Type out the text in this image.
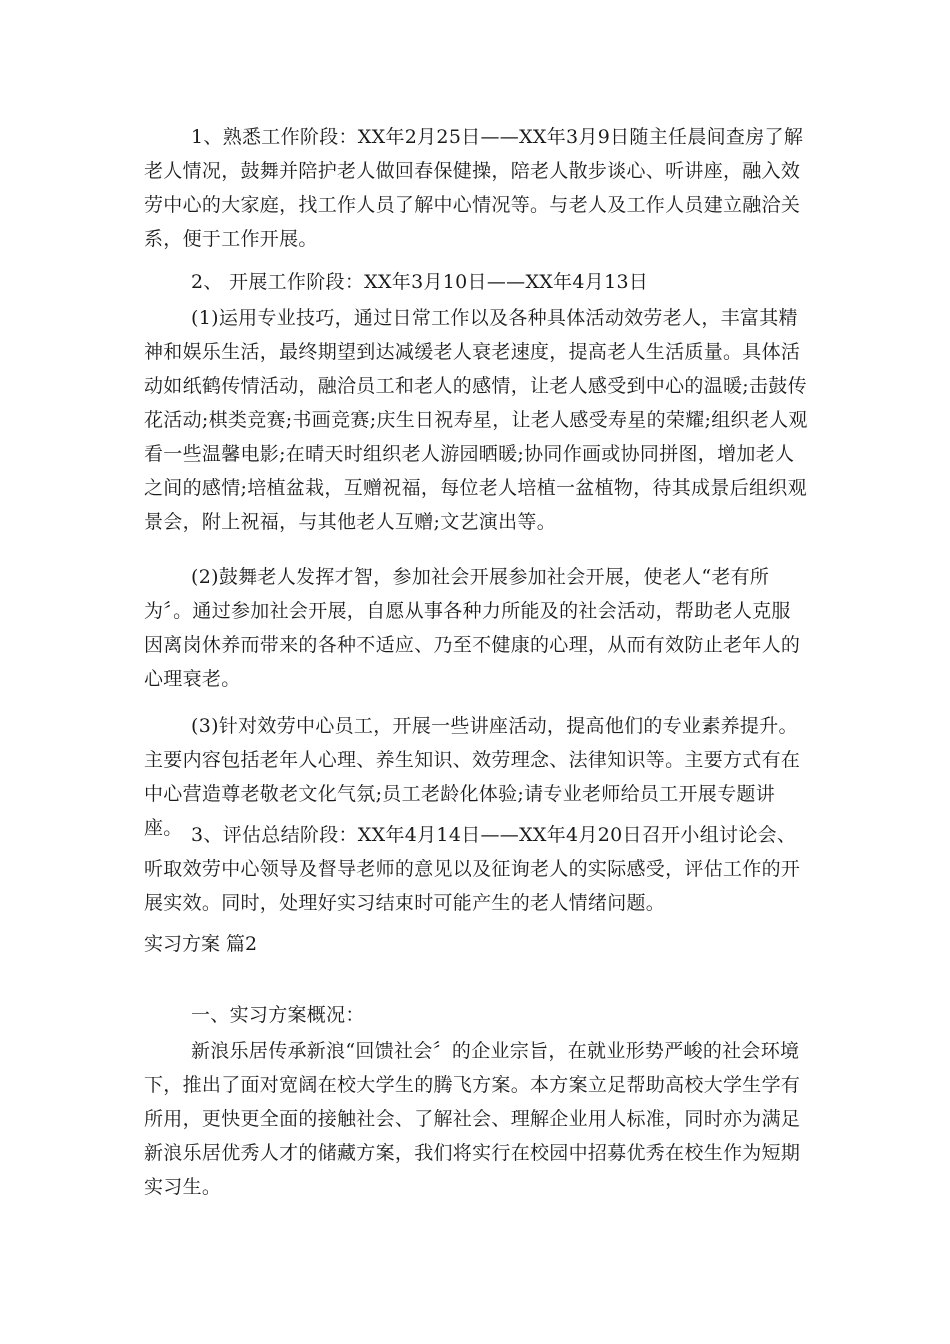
1、熟悉工作阶段：XX年2月25日——XX年3月9日随主任晨间查房了解老人情况，鼓舞并陪护老人做回春保健操，陪老人散步谈心、听讲座，融入效劳中心的大家庭，找工作人员了解中心情况等。与老人及工作人员建立融洽关系，便于工作开展。

2、 开展工作阶段：XX年3月10日——XX年4月13日

(1)运用专业技巧，通过日常工作以及各种具体活动效劳老人，丰富其精神和娱乐生活，最终期望到达减缓老人衰老速度，提高老人生活质量。具体活动如纸鹤传情活动，融洽员工和老人的感情，让老人感受到中心的温暖;击鼓传花活动;棋类竞赛;书画竞赛;庆生日祝寿星，让老人感受寿星的荣耀;组织老人观看一些温馨电影;在晴天时组织老人游园晒暖;协同作画或协同拼图，增加老人之间的感情;培植盆栽，互赠祝福，每位老人培植一盆植物，待其成景后组织观景会，附上祝福，与其他老人互赠;文艺演出等。

(2)鼓舞老人发挥才智，参加社会开展参加社会开展，使老人“老有所为〞。通过参加社会开展，自愿从事各种力所能及的社会活动，帮助老人克服因离岗休养而带来的各种不适应、乃至不健康的心理，从而有效防止老年人的心理衰老。

(3)针对效劳中心员工，开展一些讲座活动，提高他们的专业素养提升。主要内容包括老年人心理、养生知识、效劳理念、法律知识等。主要方式有在中心营造尊老敬老文化气氛;员工老龄化体验;请专业老师给员工开展专题讲座。 3、评估总结阶段：XX年4月14日——XX年4月20日召开小组讨论会、听取效劳中心领导及督导老师的意见以及征询老人的实际感受，评估工作的开展实效。同时，处理好实习结束时可能产生的老人情绪问题。

实习方案 篇2

一、实习方案概况：

新浪乐居传承新浪“回馈社会〞的企业宗旨，在就业形势严峻的社会环境下，推出了面对宽阔在校大学生的腾飞方案。本方案立足帮助高校大学生学有所用，更快更全面的接触社会、了解社会、理解企业用人标准，同时亦为满足新浪乐居优秀人才的储藏方案，我们将实行在校园中招募优秀在校生作为短期实习生。
